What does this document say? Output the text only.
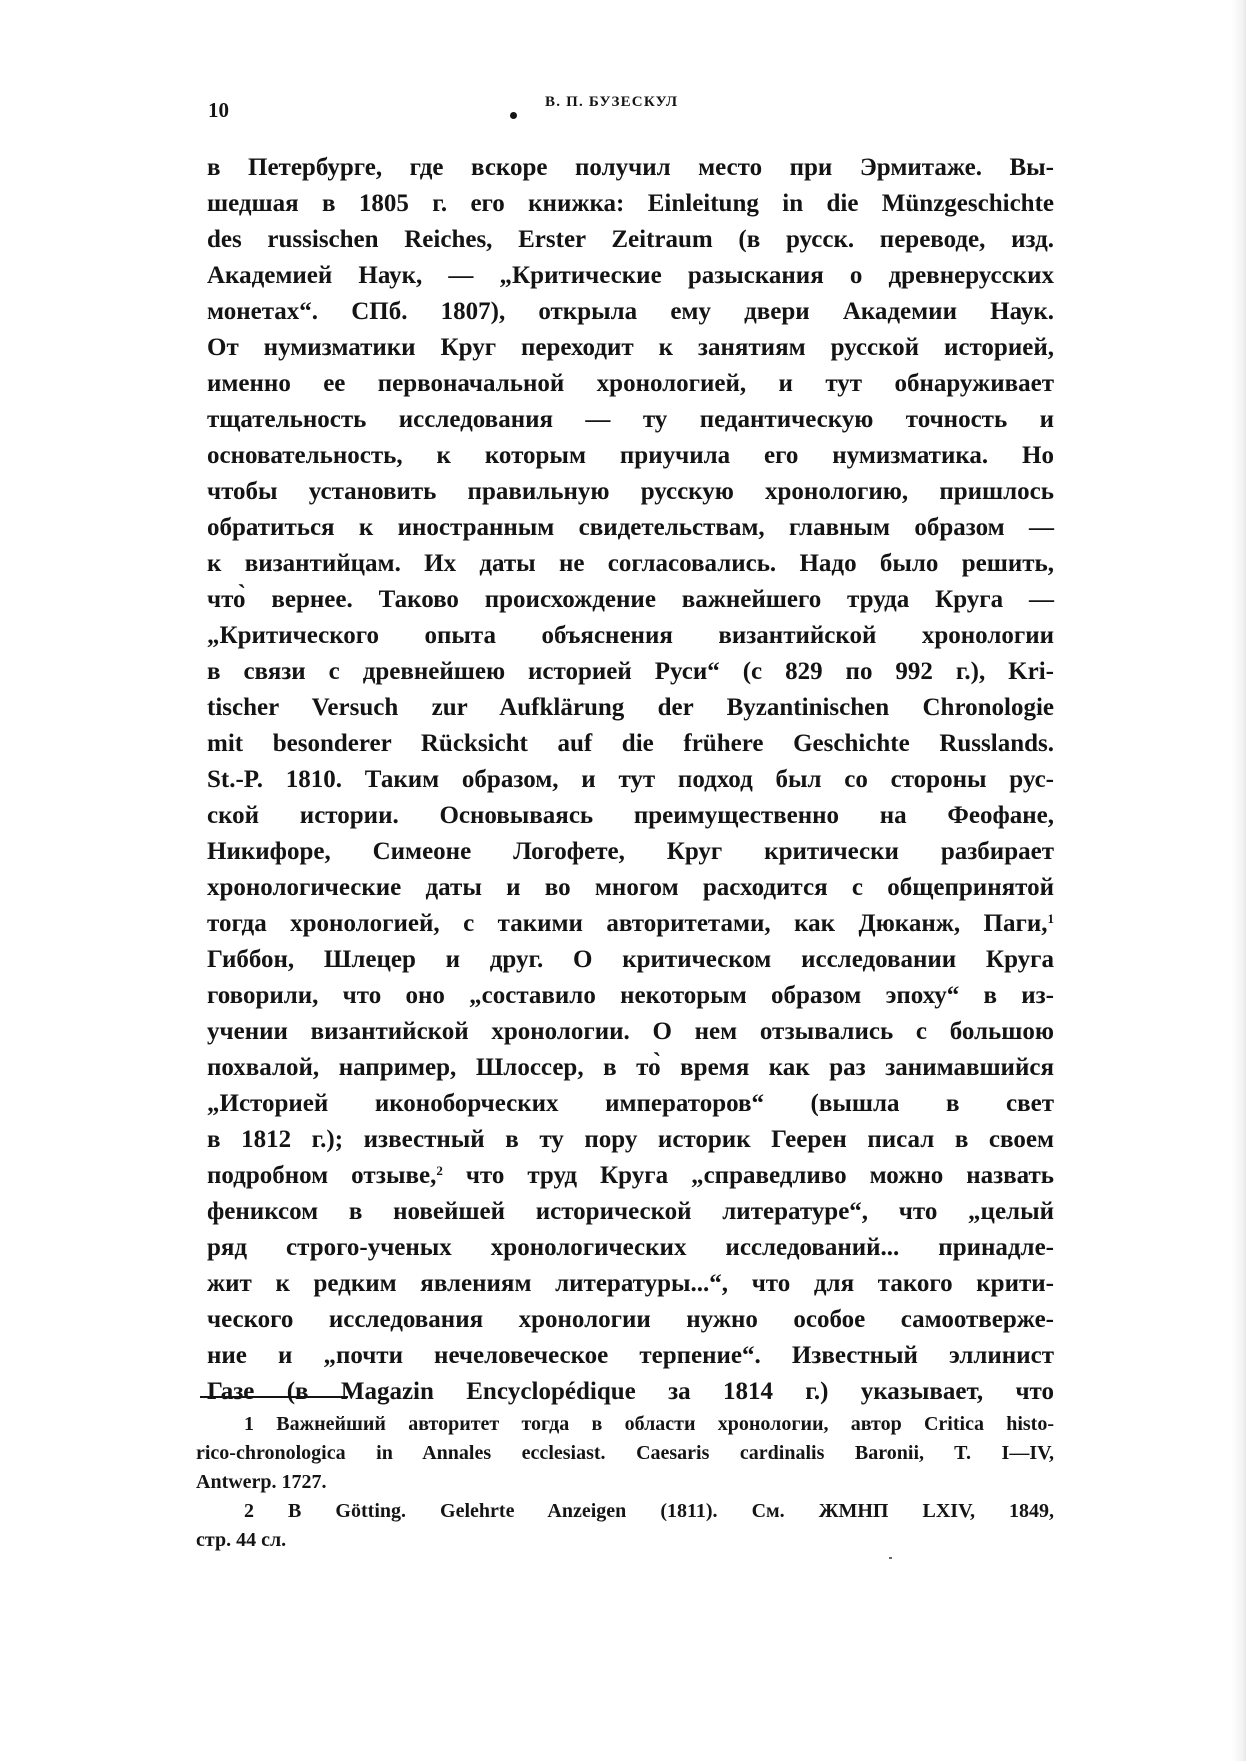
10	В. П. БУЗЕСКУЛ
в Петербурге, где вскоре получил место при Эрмитаже. Вы-
шедшая в 1805 г. его книжка: Einleitung in die Münzgeschichte
des russischen Reiches, Erster Zeitraum (в русск. переводе, изд.
Академией Наук, — „Критические разыскания о древнерусских
монетах“. СПб. 1807), открыла ему двери Академии Наук.
От нумизматики Круг переходит к занятиям русской историей,
именно ее первоначальной хронологией, и тут обнаруживает
тщательность исследования — ту педантическую точность и
основательность, к которым приучила его нумизматика. Но
чтобы установить правильную русскую хронологию, пришлось
обратиться к иностранным свидетельствам, главным образом —
к византийцам. Их даты не согласовались. Надо было решить,
что̀ вернее. Таково происхождение важнейшего труда Круга —
„Критического опыта объяснения византийской хронологии
в связи с древнейшею историей Руси“ (с 829 по 992 г.), Kri-
tischer Versuch zur Aufklärung der Byzantinischen Chronologie
mit besonderer Rücksicht auf die frühere Geschichte Russlands.
St.-P. 1810. Таким образом, и тут подход был со стороны рус-
ской истории. Основываясь преимущественно на Феофане,
Никифоре, Симеоне Логофете, Круг критически разбирает
хронологические даты и во многом расходится с общепринятой
тогда хронологией, с такими авторитетами, как Дюканж, Паги,$^1$
Гиббон, Шлецер и друг. О критическом исследовании Круга
говорили, что оно „составило некоторым образом эпоху“ в из-
учении византийской хронологии. О нем отзывались с большою
похвалой, например, Шлоссер, в то̀ время как раз занимавшийся
„Историей иконоборческих императоров“ (вышла в свет
в 1812 г.); известный в ту пору историк Геерен писал в своем
подробном отзыве,$^2$ что труд Круга „справедливо можно назвать
фениксом в новейшей исторической литературе“, что „целый
ряд строго-ученых хронологических исследований... принадле-
жит к редким явлениям литературы...“, что для такого крити-
ческого исследования хронологии нужно особое самоотверже-
ние и „почти нечеловеческое терпение“. Известный эллинист
Газе (в Magazin Encyclopédique за 1814 г.) указывает, что
1 Важнейший авторитет тогда в области хронологии, автор Critica histo-
rico-chronologica in Annales ecclesiast. Caesaris cardinalis Baronii, T. I—IV,
Antwerp. 1727.
2 В Götting. Gelehrte Anzeigen (1811). См. ЖМНП LXIV, 1849,
стр. 44 сл.
